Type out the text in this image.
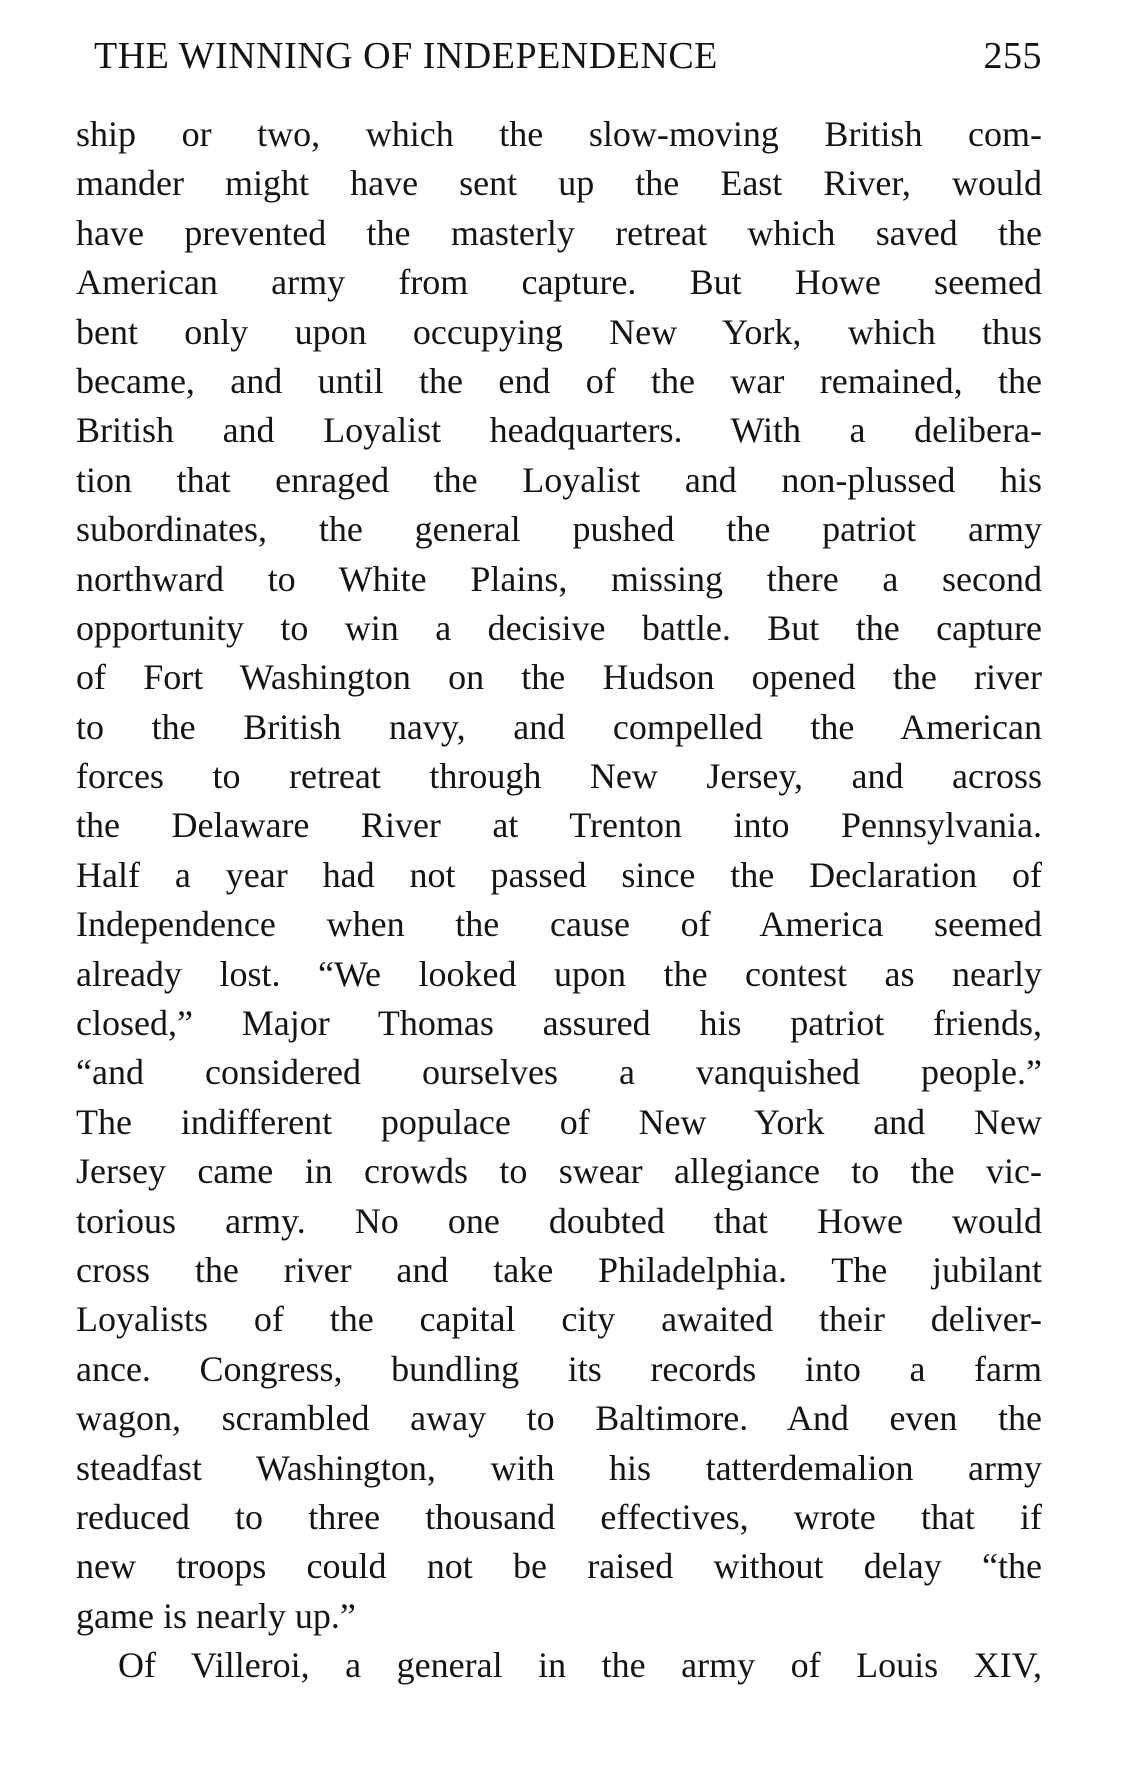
THE WINNING OF INDEPENDENCE	255
ship or two, which the slow-moving British com-
mander might have sent up the East River, would
have prevented the masterly retreat which saved the
American army from capture. But Howe seemed
bent only upon occupying New York, which thus
became, and until the end of the war remained, the
British and Loyalist headquarters. With a delibera-
tion that enraged the Loyalist and non-plussed his
subordinates, the general pushed the patriot army
northward to White Plains, missing there a second
opportunity to win a decisive battle. But the capture
of Fort Washington on the Hudson opened the river
to the British navy, and compelled the American
forces to retreat through New Jersey, and across
the Delaware River at Trenton into Pennsylvania.
Half a year had not passed since the Declaration of
Independence when the cause of America seemed
already lost. “We looked upon the contest as nearly
closed,” Major Thomas assured his patriot friends,
“and considered ourselves a vanquished people.”
The indifferent populace of New York and New
Jersey came in crowds to swear allegiance to the vic-
torious army. No one doubted that Howe would
cross the river and take Philadelphia. The jubilant
Loyalists of the capital city awaited their deliver-
ance. Congress, bundling its records into a farm
wagon, scrambled away to Baltimore. And even the
steadfast Washington, with his tatterdemalion army
reduced to three thousand effectives, wrote that if
new troops could not be raised without delay “the
game is nearly up.”
Of Villeroi, a general in the army of Louis XIV,
